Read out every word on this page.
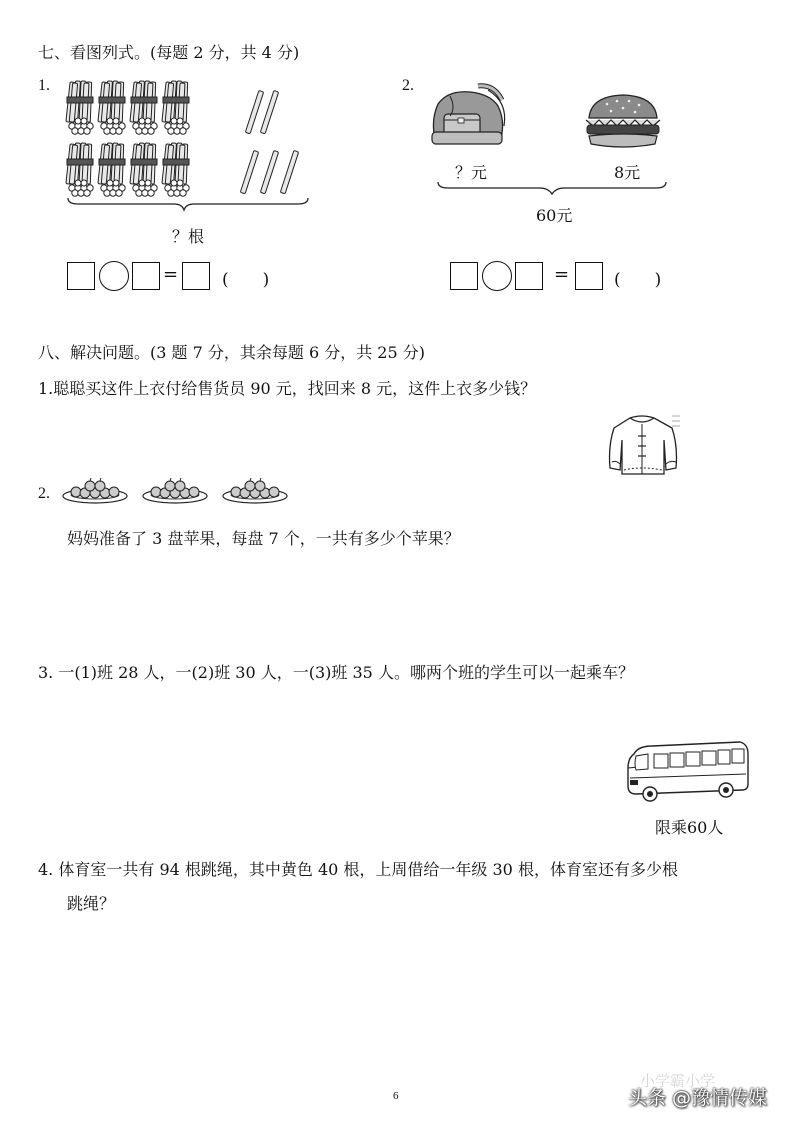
七、看图列式。(每题 2 分，共 4 分)
1.
？根
=	(　　)
2.
？元	8元
60元
=	(　　)
八、解决问题。(3 题 7 分，其余每题 6 分，共 25 分)
1.聪聪买这件上衣付给售货员 90 元，找回来 8 元，这件上衣多少钱？
2.
妈妈准备了 3 盘苹果，每盘 7 个，一共有多少个苹果？
3. 一(1)班 28 人，一(2)班 30 人，一(3)班 35 人。哪两个班的学生可以一起乘车？
限乘60人
4. 体育室一共有 94 根跳绳，其中黄色 40 根，上周借给一年级 30 根，体育室还有多少根
跳绳？
6
小学霸小学
头条 @豫情传媒
